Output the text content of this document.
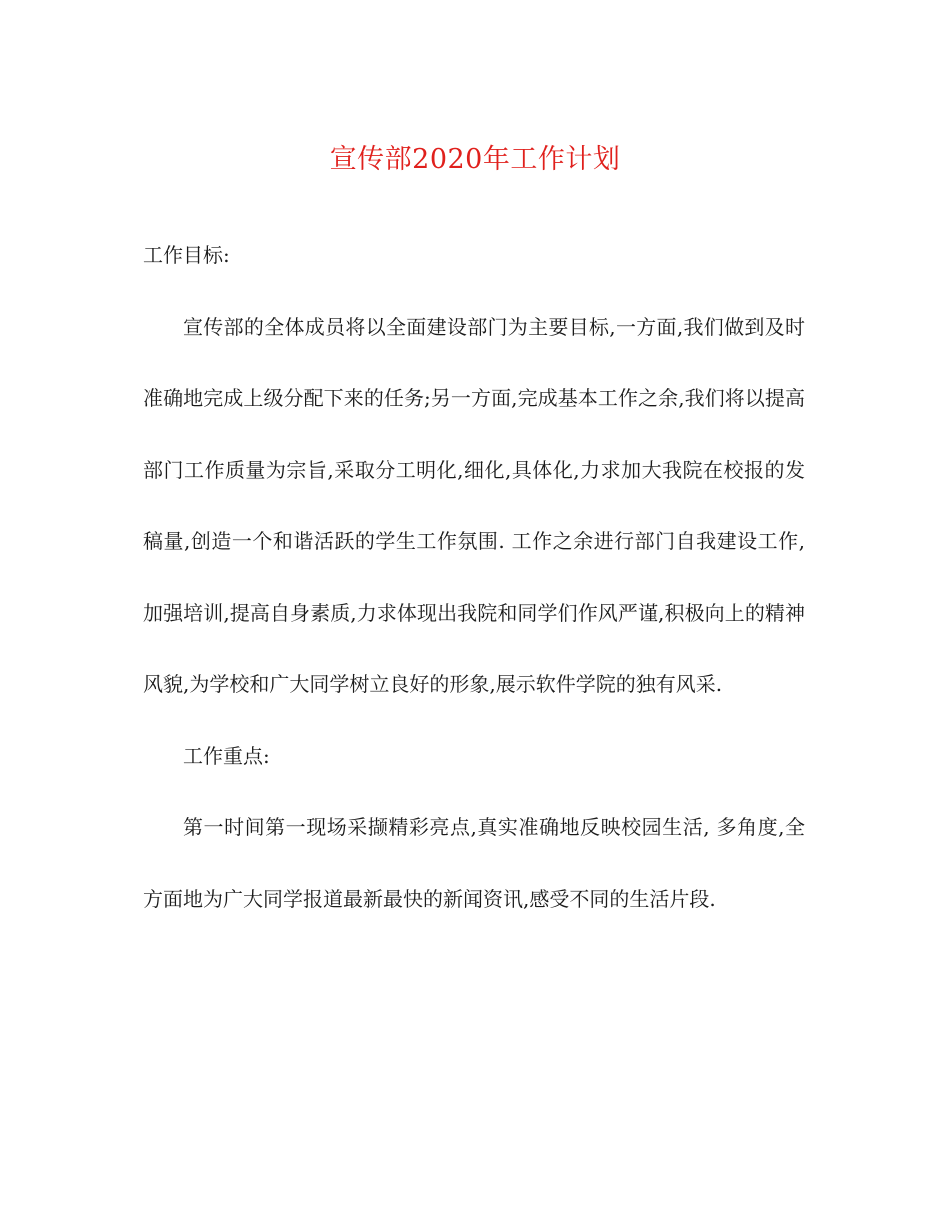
宣传部2020年工作计划

工作目标:

宣传部的全体成员将以全面建设部门为主要目标,一方面,我们做到及时准确地完成上级分配下来的任务;另一方面,完成基本工作之余,我们将以提高部门工作质量为宗旨,采取分工明化,细化,具体化,力求加大我院在校报的发稿量,创造一个和谐活跃的学生工作氛围. 工作之余进行部门自我建设工作,加强培训,提高自身素质,力求体现出我院和同学们作风严谨,积极向上的精神风貌,为学校和广大同学树立良好的形象,展示软件学院的独有风采.

工作重点:

第一时间第一现场采撷精彩亮点,真实准确地反映校园生活, 多角度,全方面地为广大同学报道最新最快的新闻资讯,感受不同的生活片段.
